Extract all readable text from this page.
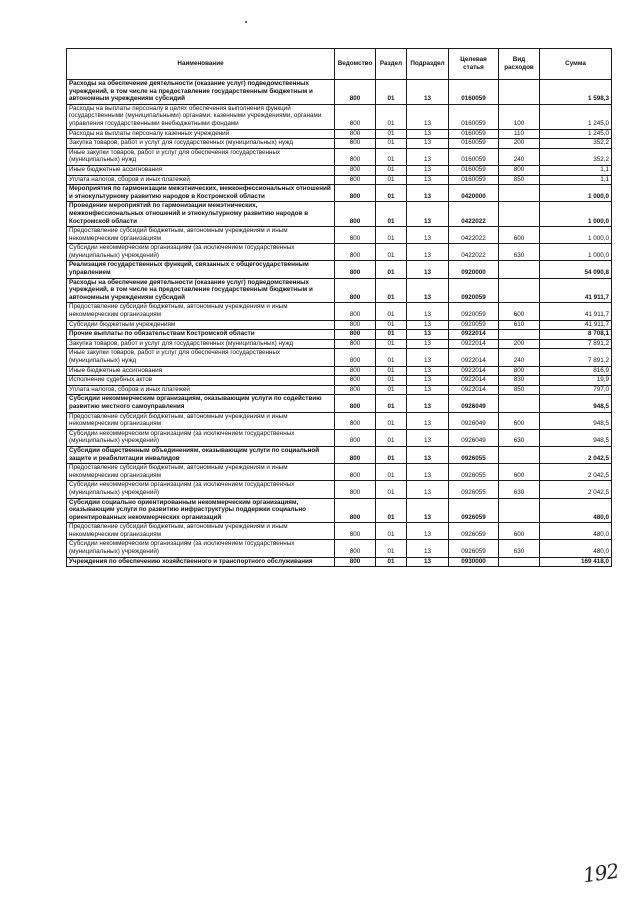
Наименование	Ведомство	Раздел	Подраздел	Целевая статья	Вид расходов	Сумма
Расходы на обеспечение деятельности (оказание услуг) подведомственных учреждений, в том числе на предоставление государственным бюджетным и автономным учреждениям субсидий	800	01	13	0160059		1 598,3
Расходы на выплаты персоналу в целях обеспечения выполнения функций государственными (муниципальными) органами, казенными учреждениями, органами управления государственными внебюджетными фондами	800	01	13	0160059	100	1 245,0
Расходы на выплаты персоналу казенных учреждений	800	01	13	0160059	110	1 245,0
Закупка товаров, работ и услуг для государственных (муниципальных) нужд	800	01	13	0160059	200	352,2
Иные закупки товаров, работ и услуг для обеспечения государственных (муниципальных) нужд	800	01	13	0160059	240	352,2
Иные бюджетные ассигнования	800	01	13	0160059	800	1,1
Уплата налогов, сборов и иных платежей	800	01	13	0160059	850	1,1
Мероприятия по гармонизации межэтнических, межконфессиональных отношений и этнокультурному развитию народов в Костромской области	800	01	13	0420000		1 000,0
Проведение мероприятий по гармонизации межэтнических, межконфессиональных отношений и этнокультурному развитию народов в Костромской области	800	01	13	0422022		1 000,0
Предоставление субсидий бюджетным, автономным учреждениям и иным некоммерческим организациям	800	01	13	0422022	600	1 000,0
Субсидии некоммерческим организациям (за исключением государственных (муниципальных) учреждений)	800	01	13	0422022	630	1 000,0
Реализация государственных функций, связанных с общегосударственным управлением	800	01	13	0920000		54 090,8
Расходы на обеспечение деятельности (оказание услуг) подведомственных учреждений, в том числе на предоставление государственным бюджетным и автономным учреждениям субсидий	800	01	13	0920059		41 911,7
Предоставление субсидий бюджетным, автономным учреждениям и иным некоммерческим организациям	800	01	13	0920059	600	41 911,7
Субсидии бюджетным учреждениям	800	01	13	0920059	610	41 911,7
Прочие выплаты по обязательствам Костромской области	800	01	13	0922014		8 708,1
Закупка товаров, работ и услуг для государственных (муниципальных) нужд	800	01	13	0922014	200	7 891,2
Иные закупки товаров, работ и услуг для обеспечения государственных (муниципальных) нужд	800	01	13	0922014	240	7 891,2
Иные бюджетные ассигнования	800	01	13	0922014	800	816,9
Исполнение судебных актов	800	01	13	0922014	830	19,9
Уплата налогов, сборов и иных платежей	800	01	13	0922014	850	797,0
Субсидии некоммерческим организациям, оказывающим услуги по содействию развитию местного самоуправления	800	01	13	0926049		948,5
Предоставление субсидий бюджетным, автономным учреждениям и иным некоммерческим организациям	800	01	13	0926049	600	948,5
Субсидии некоммерческим организациям (за исключением государственных (муниципальных) учреждений)	800	01	13	0926049	630	948,5
Субсидии общественным объединениям, оказывающим услуги по социальной защите и реабилитации инвалидов	800	01	13	0926055		2 042,5
Предоставление субсидий бюджетным, автономным учреждениям и иным некоммерческим организациям	800	01	13	0926055	600	2 042,5
Субсидии некоммерческим организациям (за исключением государственных (муниципальных) учреждений)	800	01	13	0926055	630	2 042,5
Субсидии социально ориентированным некоммерческим организациям, оказывающим услуги по развитию инфраструктуры поддержки социально ориентированных некоммерческих организаций	800	01	13	0926059		480,0
Предоставление субсидий бюджетным, автономным учреждениям и иным некоммерческим организациям	800	01	13	0926059	600	480,0
Субсидии некоммерческим организациям (за исключением государственных (муниципальных) учреждений)	800	01	13	0926059	630	480,0
Учреждения по обеспечению хозяйственного и транспортного обслуживания	800	01	13	0930000		169 418,0
192
